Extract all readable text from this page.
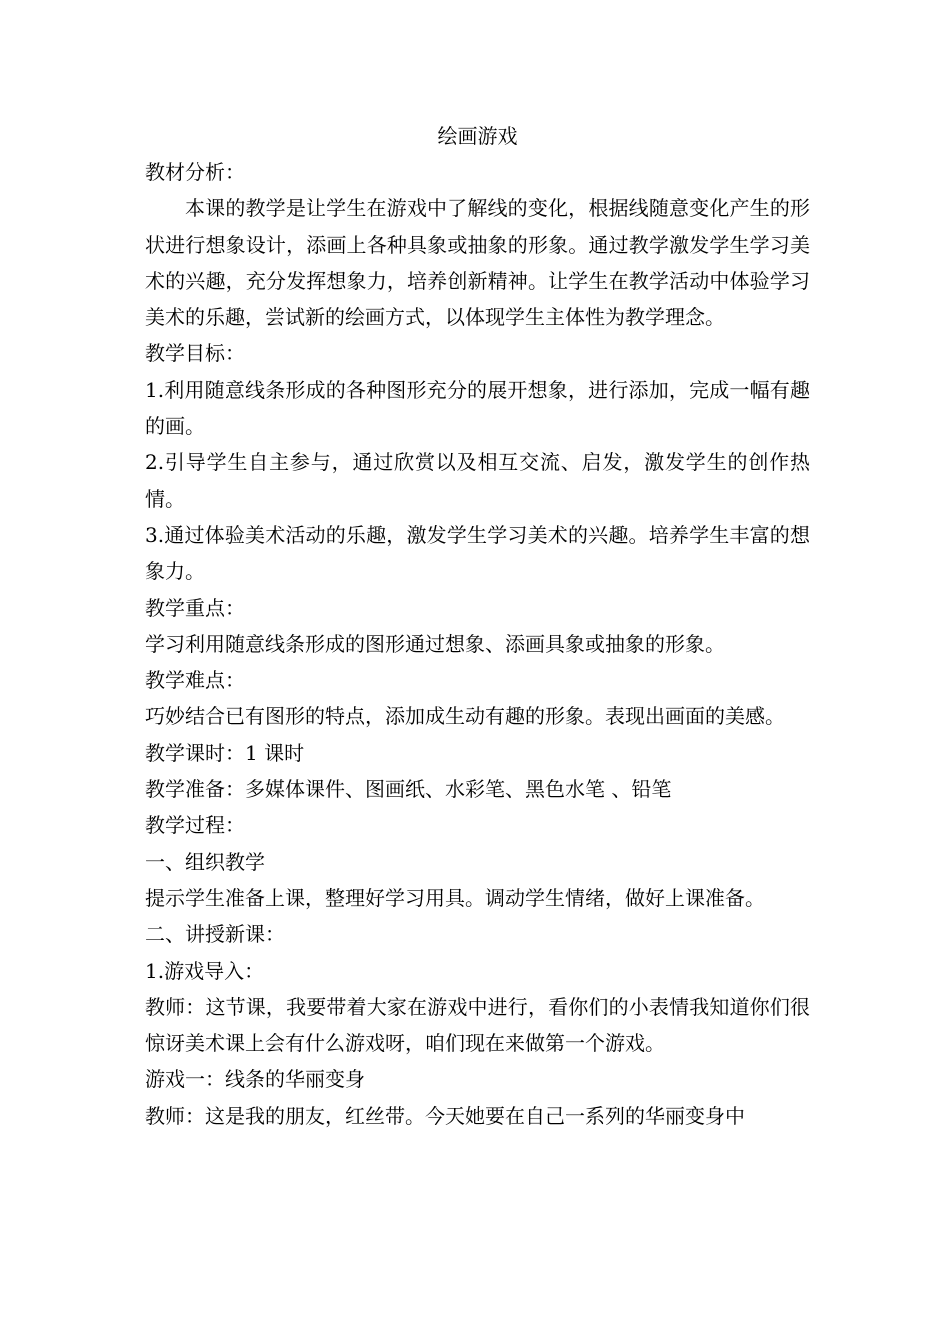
绘画游戏

教材分析：

本课的教学是让学生在游戏中了解线的变化，根据线随意变化产生的形状进行想象设计，添画上各种具象或抽象的形象。通过教学激发学生学习美术的兴趣，充分发挥想象力，培养创新精神。让学生在教学活动中体验学习美术的乐趣，尝试新的绘画方式，以体现学生主体性为教学理念。

教学目标：

1.利用随意线条形成的各种图形充分的展开想象，进行添加，完成一幅有趣的画。

2.引导学生自主参与，通过欣赏以及相互交流、启发，激发学生的创作热情。

3.通过体验美术活动的乐趣，激发学生学习美术的兴趣。培养学生丰富的想象力。

教学重点：

学习利用随意线条形成的图形通过想象、添画具象或抽象的形象。

教学难点：

巧妙结合已有图形的特点，添加成生动有趣的形象。表现出画面的美感。

教学课时：1 课时

教学准备：多媒体课件、图画纸、水彩笔、黑色水笔 、铅笔

教学过程：

一、组织教学

提示学生准备上课，整理好学习用具。调动学生情绪，做好上课准备。

二、讲授新课：

1.游戏导入：

教师：这节课，我要带着大家在游戏中进行，看你们的小表情我知道你们很惊讶美术课上会有什么游戏呀，咱们现在来做第一个游戏。

游戏一：线条的华丽变身

教师：这是我的朋友，红丝带。今天她要在自己一系列的华丽变身中
